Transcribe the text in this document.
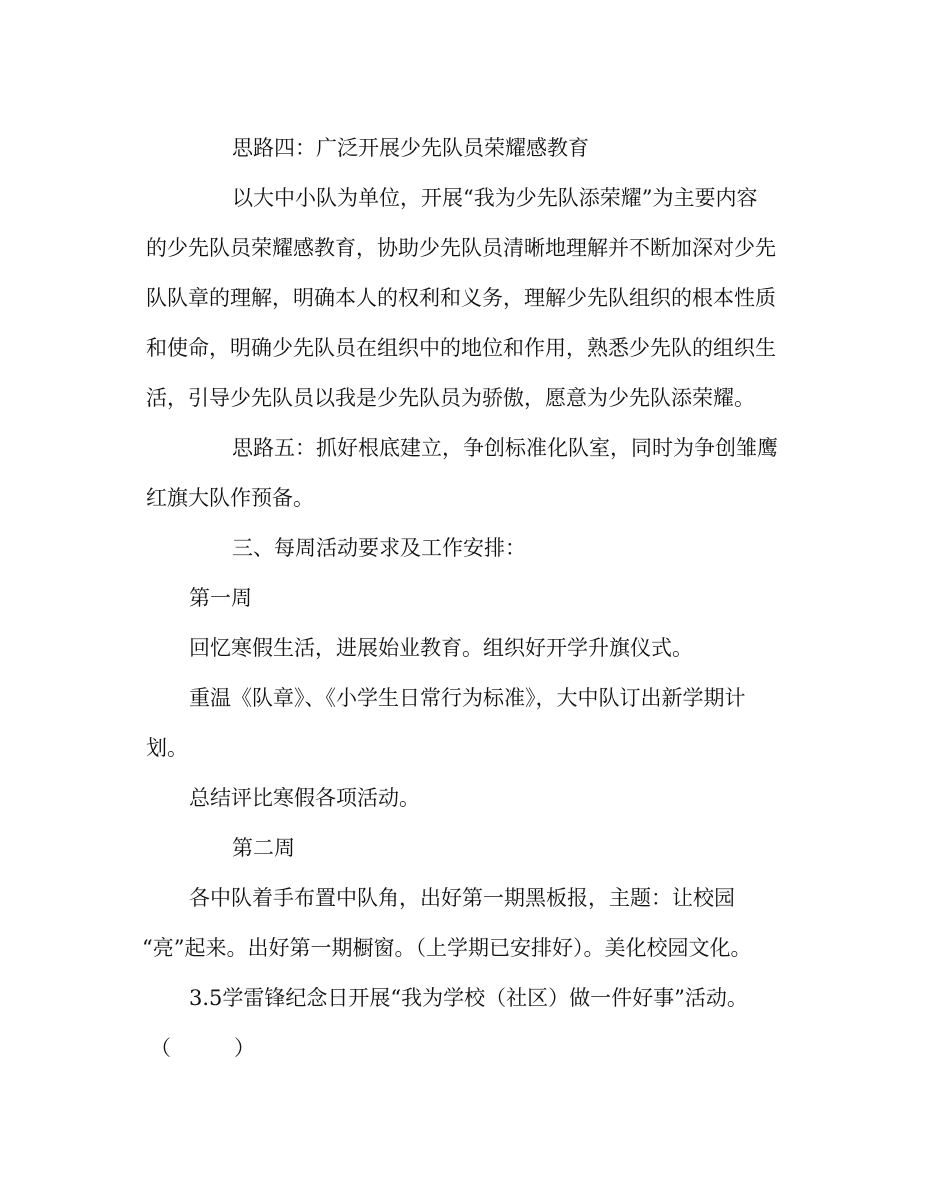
思路四：广泛开展少先队员荣耀感教育
以大中小队为单位，开展“我为少先队添荣耀”为主要内容
的少先队员荣耀感教育，协助少先队员清晰地理解并不断加深对少先
队队章的理解，明确本人的权利和义务，理解少先队组织的根本性质
和使命，明确少先队员在组织中的地位和作用，熟悉少先队的组织生
活，引导少先队员以我是少先队员为骄傲，愿意为少先队添荣耀。
思路五：抓好根底建立，争创标准化队室，同时为争创雏鹰
红旗大队作预备。
三、每周活动要求及工作安排：
第一周
回忆寒假生活，进展始业教育。组织好开学升旗仪式。
重温《队章》、《小学生日常行为标准》，大中队订出新学期计
划。
总结评比寒假各项活动。
第二周
各中队着手布置中队角，出好第一期黑板报，主题：让校园
“亮”起来。出好第一期橱窗。（上学期已安排好）。美化校园文化。
3.5学雷锋纪念日开展“我为学校（社区）做一件好事”活动。
（　　　）
